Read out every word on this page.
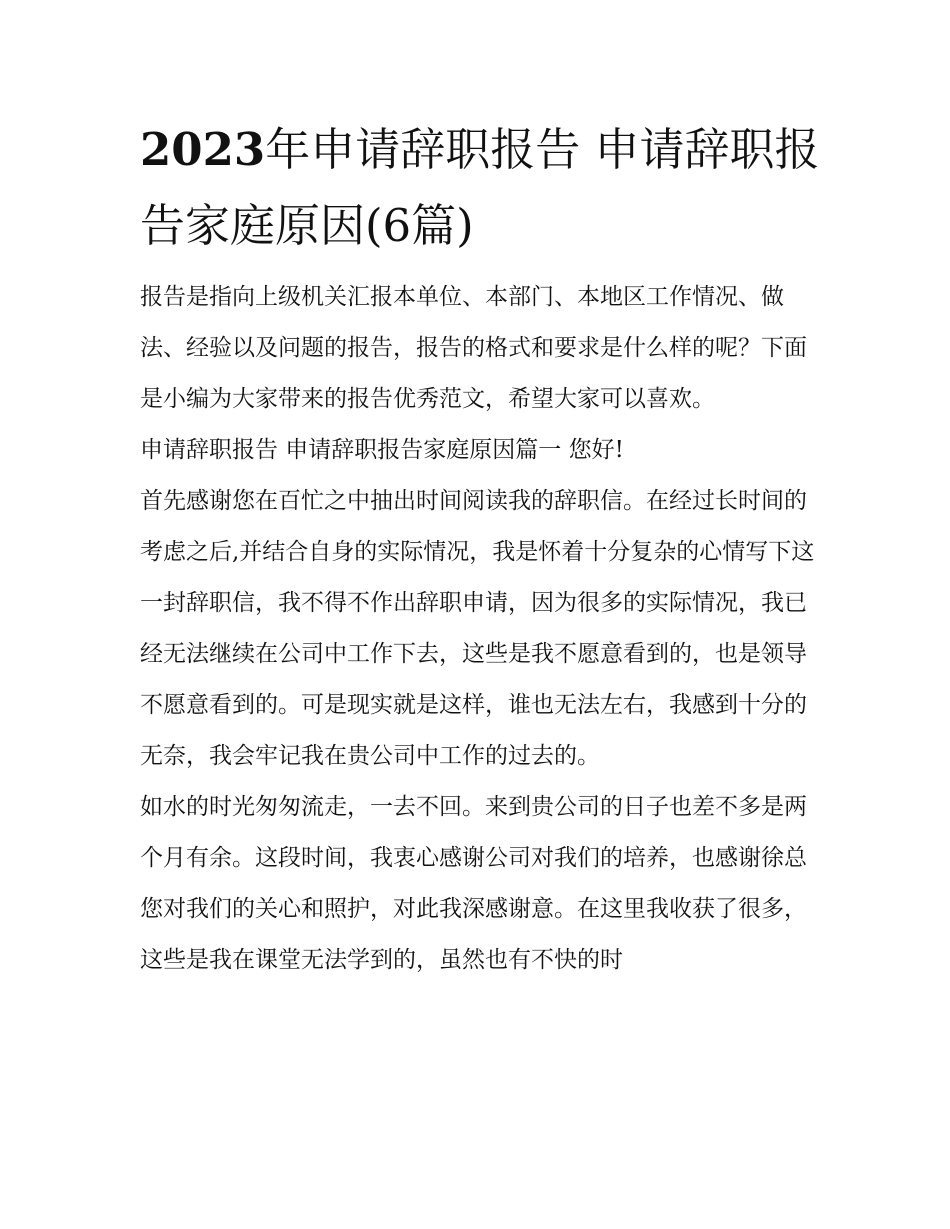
2023年申请辞职报告 申请辞职报告家庭原因(6篇)

报告是指向上级机关汇报本单位、本部门、本地区工作情况、做法、经验以及问题的报告，报告的格式和要求是什么样的呢？下面是小编为大家带来的报告优秀范文，希望大家可以喜欢。

申请辞职报告 申请辞职报告家庭原因篇一 您好!

首先感谢您在百忙之中抽出时间阅读我的辞职信。在经过长时间的考虑之后,并结合自身的实际情况，我是怀着十分复杂的心情写下这一封辞职信，我不得不作出辞职申请，因为很多的实际情况，我已经无法继续在公司中工作下去，这些是我不愿意看到的，也是领导不愿意看到的。可是现实就是这样，谁也无法左右，我感到十分的无奈，我会牢记我在贵公司中工作的过去的。

如水的时光匆匆流走，一去不回。来到贵公司的日子也差不多是两个月有余。这段时间，我衷心感谢公司对我们的培养，也感谢徐总您对我们的关心和照护，对此我深感谢意。在这里我收获了很多，这些是我在课堂无法学到的，虽然也有不快的时
